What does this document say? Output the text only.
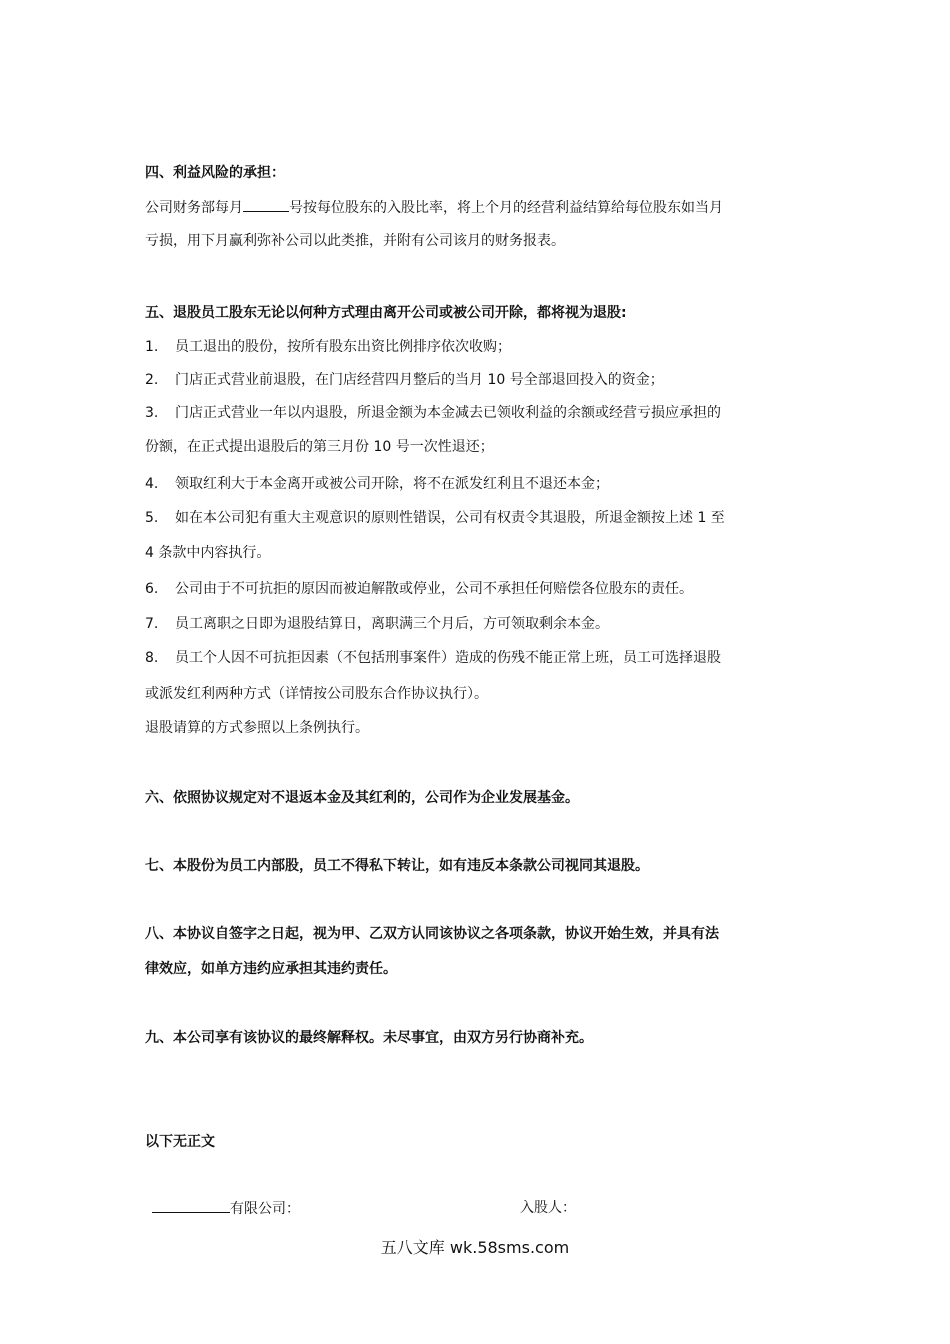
四、利益风险的承担：
公司财务部每月	号按每位股东的入股比率，将上个月的经营利益结算给每位股东如当月
亏损，用下月赢利弥补公司以此类推，并附有公司该月的财务报表。
五、退股员工股东无论以何种方式理由离开公司或被公司开除，都将视为退股:
1. 员工退出的股份，按所有股东出资比例排序依次收购；
2. 门店正式营业前退股，在门店经营四月整后的当月 10 号全部退回投入的资金；
3. 门店正式营业一年以内退股，所退金额为本金减去已领收利益的余额或经营亏损应承担的
份额，在正式提出退股后的第三月份 10 号一次性退还；
4. 领取红利大于本金离开或被公司开除，将不在派发红利且不退还本金；
5. 如在本公司犯有重大主观意识的原则性错误，公司有权责令其退股，所退金额按上述 1 至
4 条款中内容执行。
6. 公司由于不可抗拒的原因而被迫解散或停业，公司不承担任何赔偿各位股东的责任。
7. 员工离职之日即为退股结算日，离职满三个月后，方可领取剩余本金。
8. 员工个人因不可抗拒因素（不包括刑事案件）造成的伤残不能正常上班，员工可选择退股
或派发红利两种方式（详情按公司股东合作协议执行）。
退股请算的方式参照以上条例执行。
六、依照协议规定对不退返本金及其红利的，公司作为企业发展基金。
七、本股份为员工内部股，员工不得私下转让，如有违反本条款公司视同其退股。
八、本协议自签字之日起，视为甲、乙双方认同该协议之各项条款，协议开始生效，并具有法
律效应，如单方违约应承担其违约责任。
九、本公司享有该协议的最终解释权。未尽事宜，由双方另行协商补充。
以下无正文
有限公司：	入股人：
五八文库 wk.58sms.com
